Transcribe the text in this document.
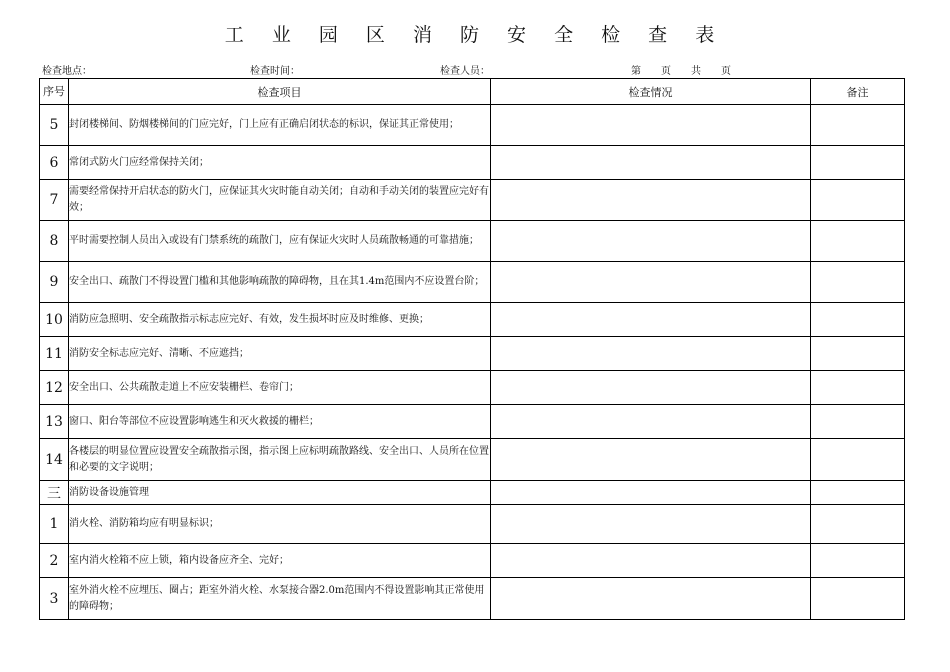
工 业 园 区 消 防 安 全 检 查 表
检查地点：	检查时间：	检查人员：	第　　页　　共　　页
序号	检查项目	检查情况	备注
5	封闭楼梯间、防烟楼梯间的门应完好，门上应有正确启闭状态的标识，保证其正常使用；		
6	常闭式防火门应经常保持关闭；		
7	需要经常保持开启状态的防火门，应保证其火灾时能自动关闭；自动和手动关闭的装置应完好有效；		
8	平时需要控制人员出入或设有门禁系统的疏散门，应有保证火灾时人员疏散畅通的可靠措施；		
9	安全出口、疏散门不得设置门槛和其他影响疏散的障碍物，且在其1.4m范围内不应设置台阶；		
10	消防应急照明、安全疏散指示标志应完好、有效，发生损坏时应及时维修、更换；		
11	消防安全标志应完好、清晰、不应遮挡；		
12	安全出口、公共疏散走道上不应安装栅栏、卷帘门；		
13	窗口、阳台等部位不应设置影响逃生和灭火救援的栅栏；		
14	各楼层的明显位置应设置安全疏散指示图，指示图上应标明疏散路线、安全出口、人员所在位置和必要的文字说明；		
三	消防设备设施管理		
1	消火栓、消防箱均应有明显标识；		
2	室内消火栓箱不应上锁，箱内设备应齐全、完好；		
3	室外消火栓不应埋压、圈占；距室外消火栓、水泵接合器2.0m范围内不得设置影响其正常使用的障碍物；		
